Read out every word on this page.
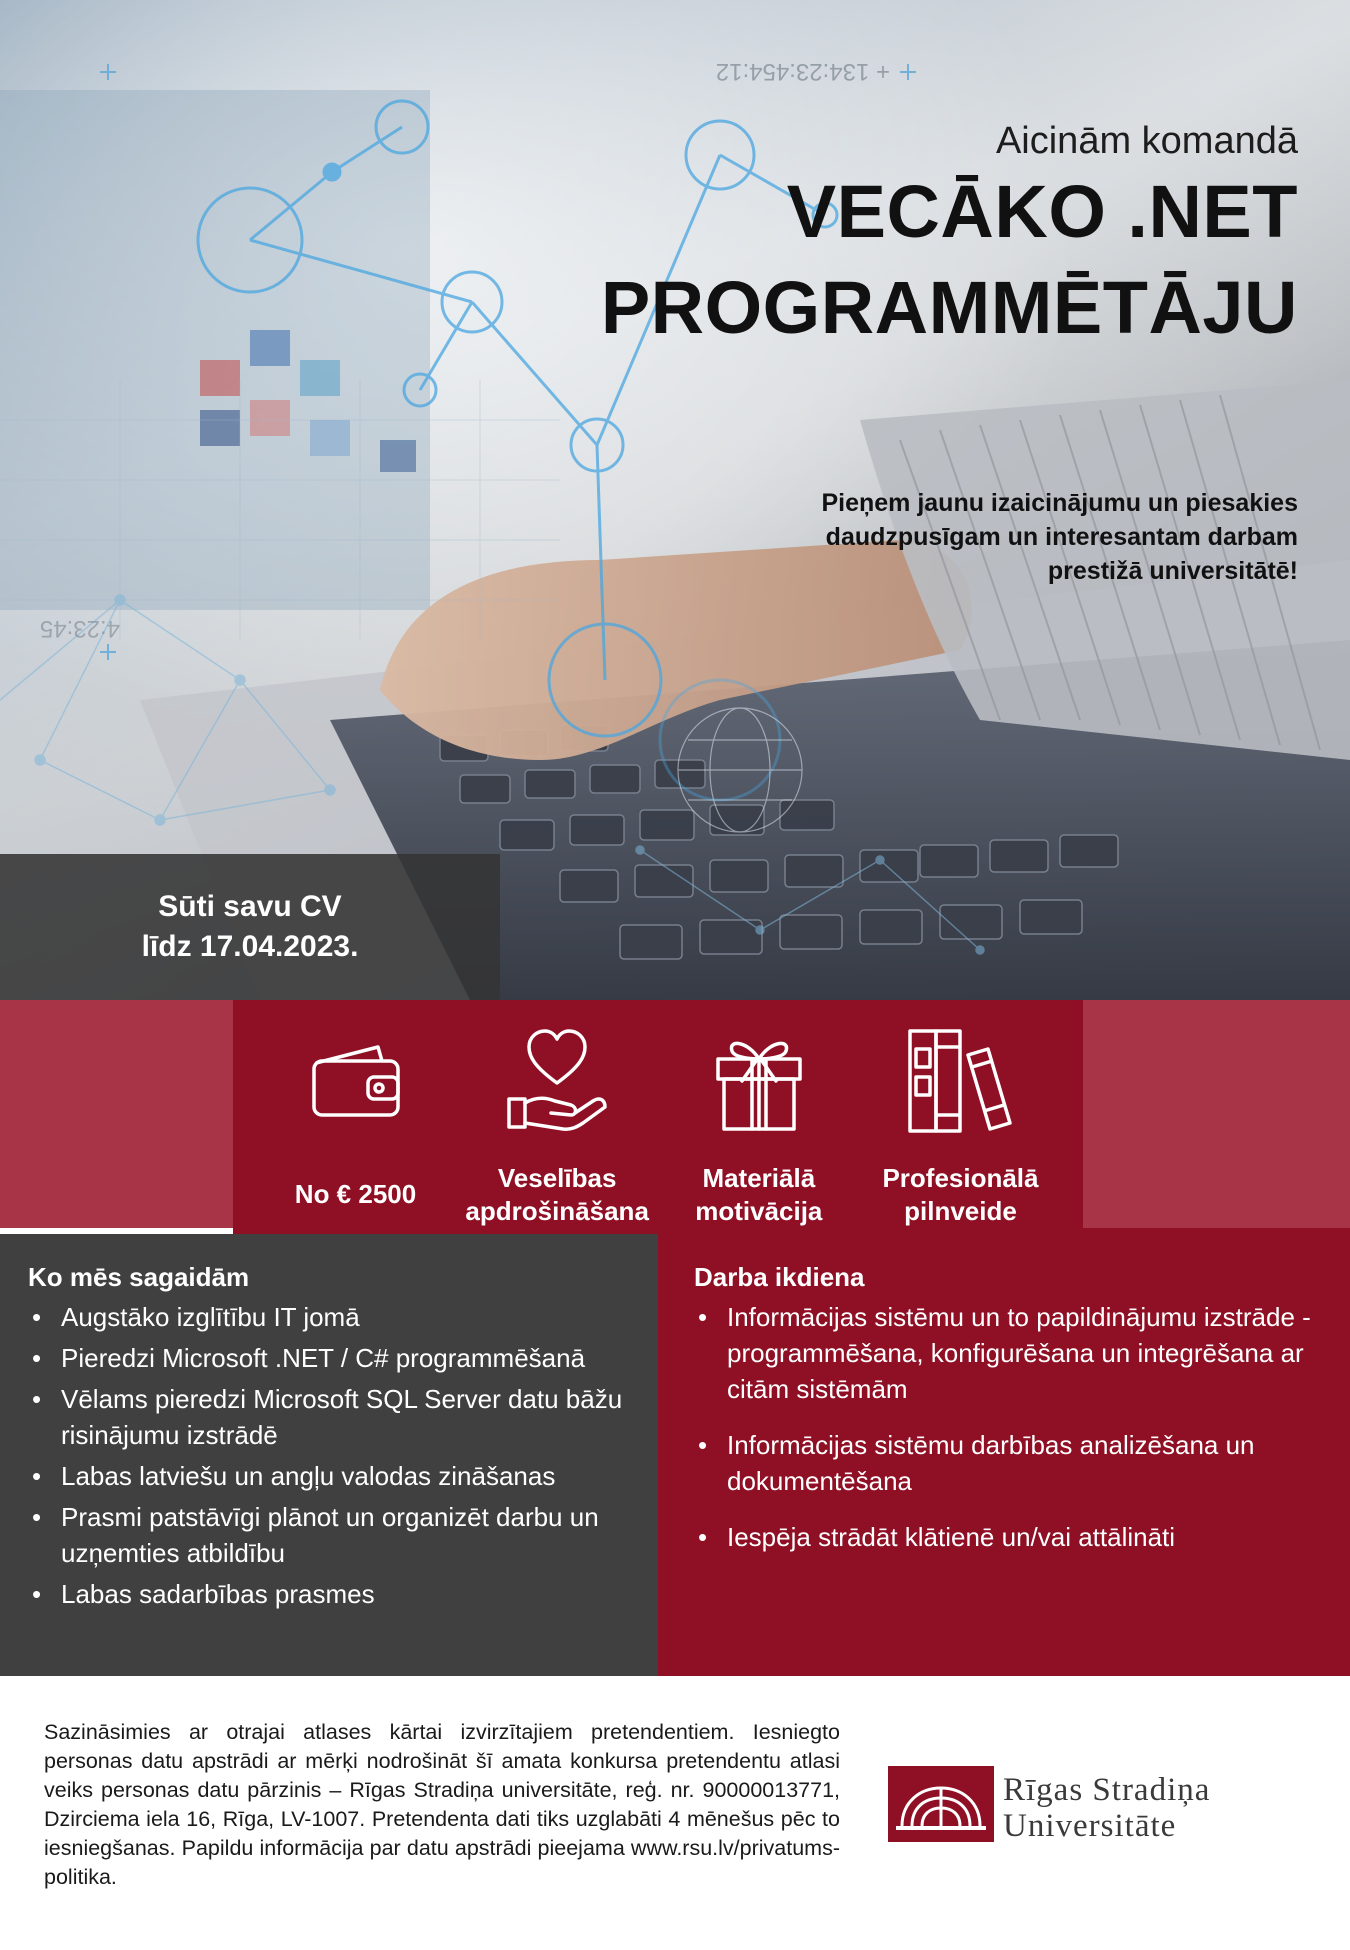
+ 134:23:454:12
4:23:45
Aicinām komandā
VECĀKO .NET
PROGRAMMĒTĀJU
Pieņem jaunu izaicinājumu un piesakies
daudzpusīgam un interesantam darbam
prestižā universitātē!
Sūti savu CV
līdz 17.04.2023.
No € 2500
Veselības
apdrošināšana
Materiālā
motivācija
Profesionālā
pilnveide
Ko mēs sagaidām
• Augstāko izglītību IT jomā
• Pieredzi Microsoft .NET / C# programmēšanā
• Vēlams pieredzi Microsoft SQL Server datu bāžu risinājumu izstrādē
• Labas latviešu un angļu valodas zināšanas
• Prasmi patstāvīgi plānot un organizēt darbu un uzņemties atbildību
• Labas sadarbības prasmes
Darba ikdiena
• Informācijas sistēmu un to papildinājumu izstrāde - programmēšana, konfigurēšana un integrēšana ar citām sistēmām
• Informācijas sistēmu darbības analizēšana un dokumentēšana
• Iespēja strādāt klātienē un/vai attālināti
Sazināsimies ar otrajai atlases kārtai izvirzītajiem pretendentiem. Iesniegto personas datu apstrādi ar mērķi nodrošināt šī amata konkursa pretendentu atlasi veiks personas datu pārzinis – Rīgas Stradiņa universitāte, reģ. nr. 90000013771, Dzirciema iela 16, Rīga, LV-1007. Pretendenta dati tiks uzglabāti 4 mēnešus pēc to iesniegšanas. Papildu informācija par datu apstrādi pieejama www.rsu.lv/privatums-politika.
Rīgas Stradiņa
Universitāte
